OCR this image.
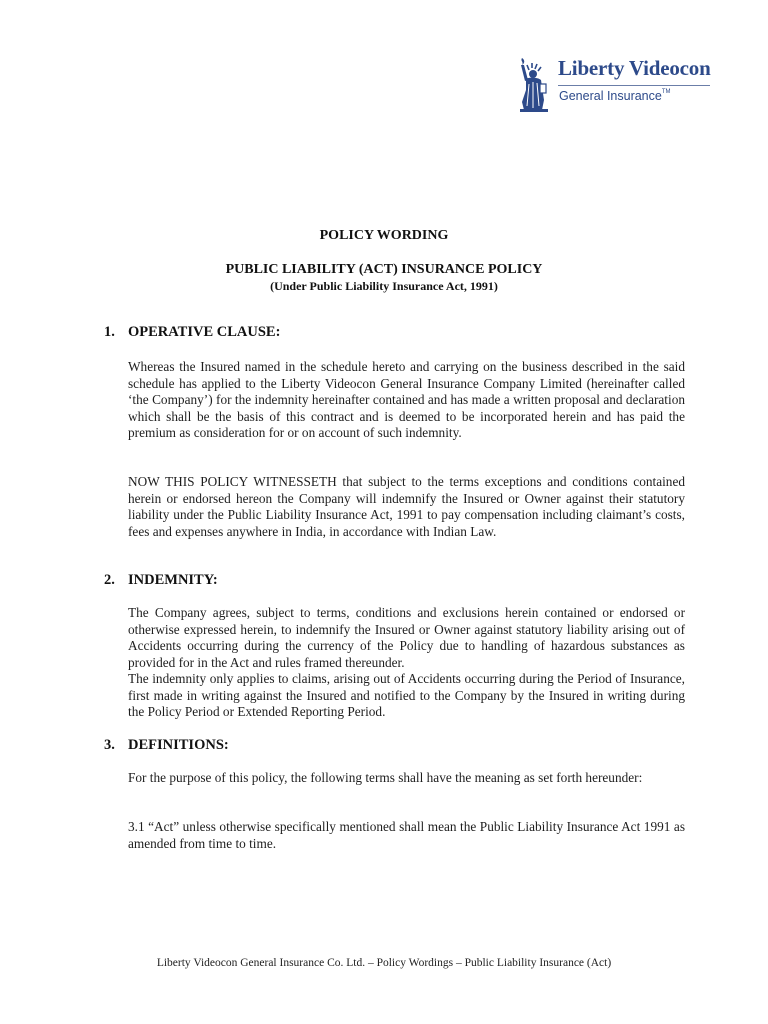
Liberty Videocon
General Insurance™
POLICY WORDING
PUBLIC LIABILITY (ACT) INSURANCE POLICY
(Under Public Liability Insurance Act, 1991)
1. OPERATIVE CLAUSE:
Whereas the Insured named in the schedule hereto and carrying on the business described in the said schedule has applied to the Liberty Videocon General Insurance Company Limited (hereinafter called ‘the Company’) for the indemnity hereinafter contained and has made a written proposal and declaration which shall be the basis of this contract and is deemed to be incorporated herein and has paid the premium as consideration for or on account of such indemnity.
NOW THIS POLICY WITNESSETH that subject to the terms exceptions and conditions contained herein or endorsed hereon the Company will indemnify the Insured or Owner against their statutory liability under the Public Liability Insurance Act, 1991 to pay compensation including claimant’s costs, fees and expenses anywhere in India, in accordance with Indian Law.
2. INDEMNITY:
The Company agrees, subject to terms, conditions and exclusions herein contained or endorsed or otherwise expressed herein, to indemnify the Insured or Owner against statutory liability arising out of Accidents occurring during the currency of the Policy due to handling of hazardous substances as provided for in the Act and rules framed thereunder.
The indemnity only applies to claims, arising out of Accidents occurring during the Period of Insurance, first made in writing against the Insured and notified to the Company by the Insured in writing during the Policy Period or Extended Reporting Period.
3. DEFINITIONS:
For the purpose of this policy, the following terms shall have the meaning as set forth hereunder:
3.1 “Act” unless otherwise specifically mentioned shall mean the Public Liability Insurance Act 1991 as amended from time to time.
Liberty Videocon General Insurance Co. Ltd. – Policy Wordings – Public Liability Insurance (Act)
